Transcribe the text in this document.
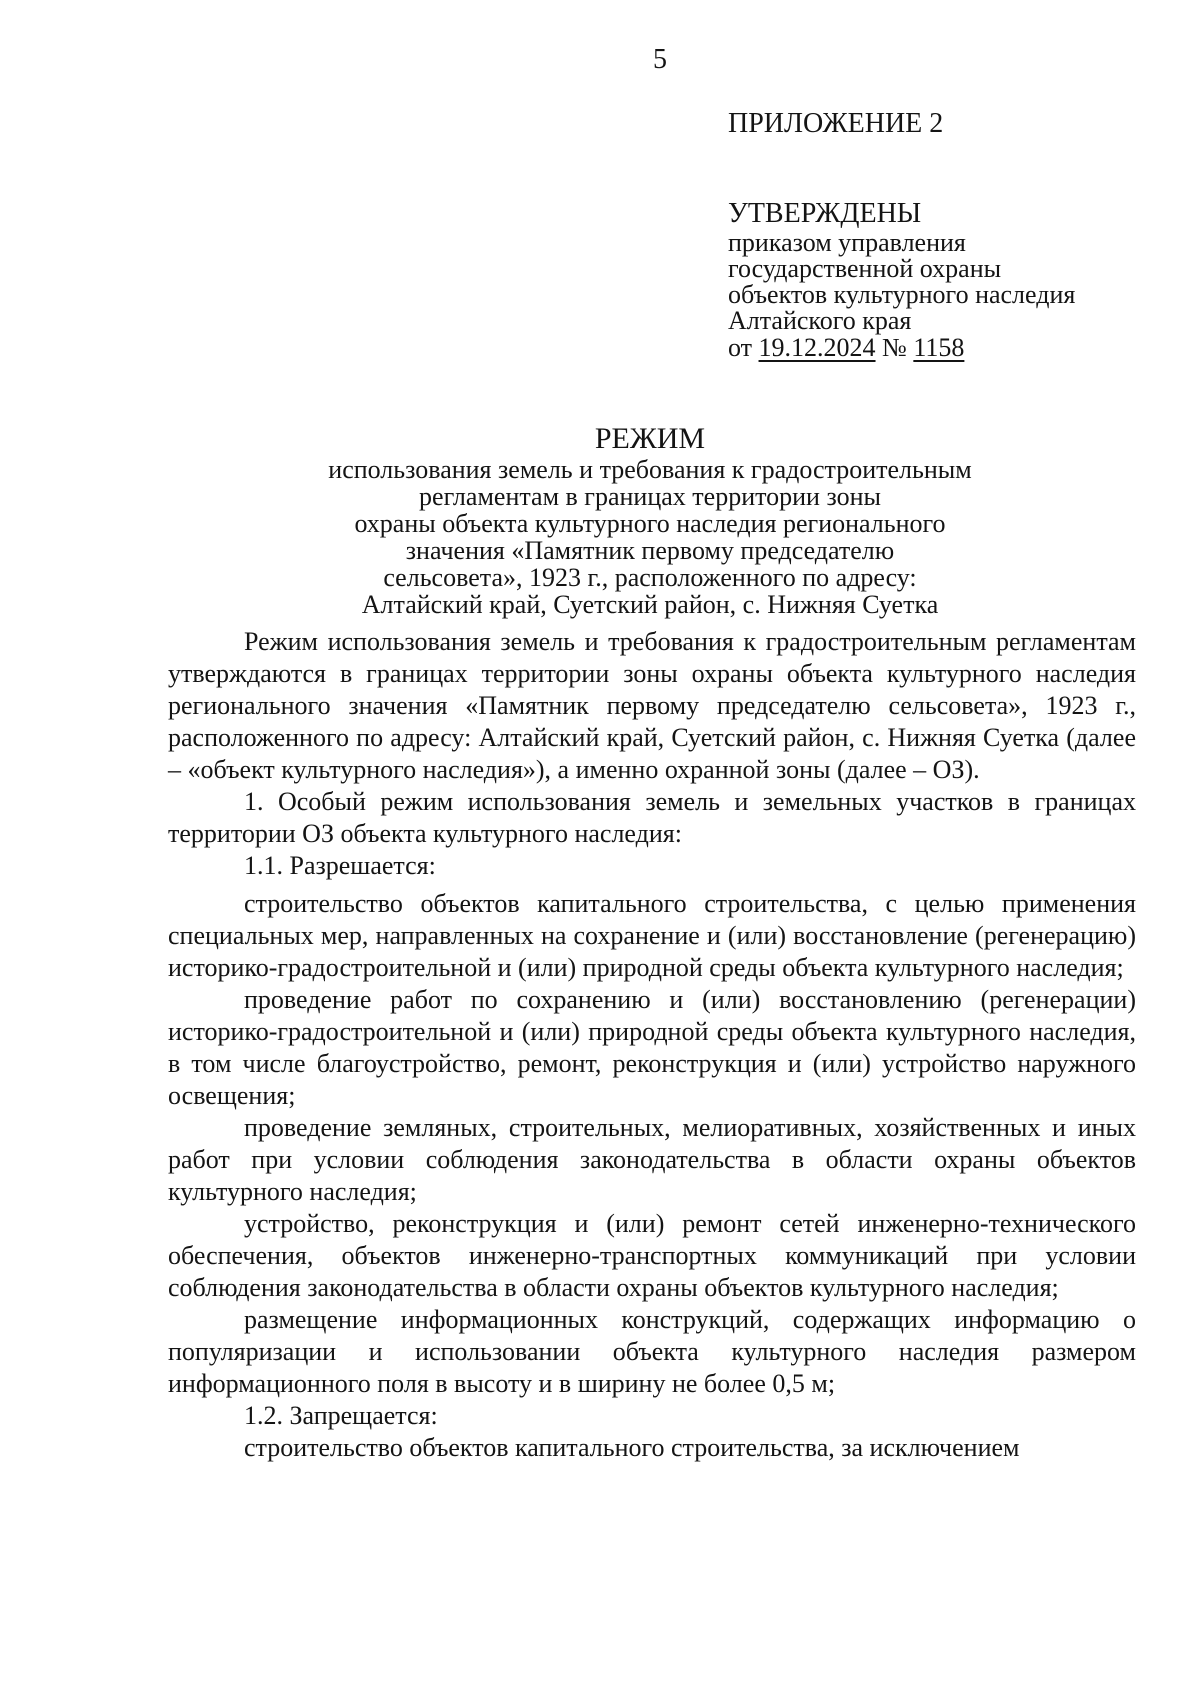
5
ПРИЛОЖЕНИЕ 2
УТВЕРЖДЕНЫ
приказом управления
государственной охраны
объектов культурного наследия
Алтайского края
от 19.12.2024 № 1158
РЕЖИМ
использования земель и требования к градостроительным
регламентам в границах территории зоны
охраны объекта культурного наследия регионального
значения «Памятник первому председателю
сельсовета», 1923 г., расположенного по адресу:
Алтайский край, Суетский район, с. Нижняя Суетка

Режим использования земель и требования к градостроительным регламентам утверждаются в границах территории зоны охраны объекта культурного наследия регионального значения «Памятник первому председателю сельсовета», 1923 г., расположенного по адресу: Алтайский край, Суетский район, с. Нижняя Суетка (далее – «объект культурного наследия»), а именно охранной зоны (далее – ОЗ).

1. Особый режим использования земель и земельных участков в границах территории ОЗ объекта культурного наследия:

1.1. Разрешается:

строительство объектов капитального строительства, с целью применения специальных мер, направленных на сохранение и (или) восстановление (регенерацию) историко-градостроительной и (или) природной среды объекта культурного наследия;

проведение работ по сохранению и (или) восстановлению (регенерации) историко-градостроительной и (или) природной среды объекта культурного наследия, в том числе благоустройство, ремонт, реконструкция и (или) устройство наружного освещения;

проведение земляных, строительных, мелиоративных, хозяйственных и иных работ при условии соблюдения законодательства в области охраны объектов культурного наследия;

устройство, реконструкция и (или) ремонт сетей инженерно-технического обеспечения, объектов инженерно-транспортных коммуникаций при условии соблюдения законодательства в области охраны объектов культурного наследия;

размещение информационных конструкций, содержащих информацию о популяризации и использовании объекта культурного наследия размером информационного поля в высоту и в ширину не более 0,5 м;

1.2. Запрещается:

строительство объектов капитального строительства, за исключением
